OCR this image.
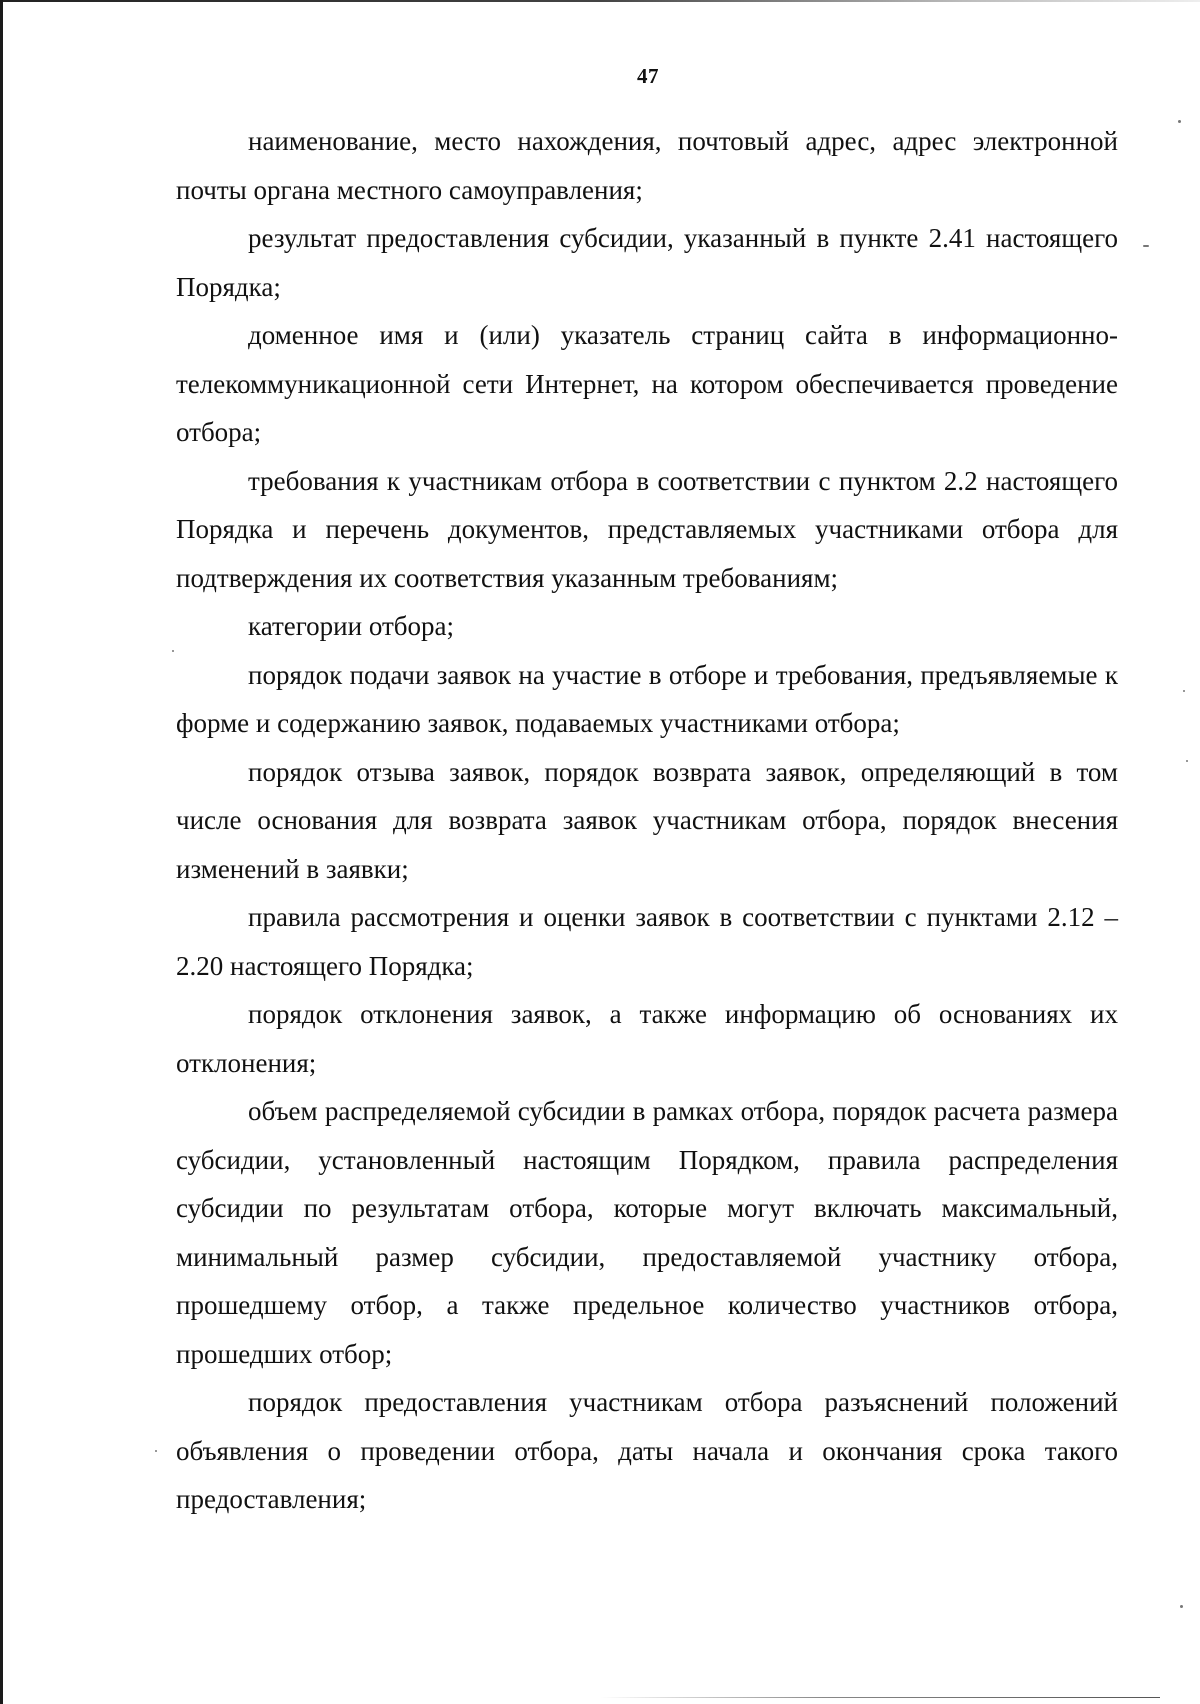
47

наименование, место нахождения, почтовый адрес, адрес электронной почты органа местного самоуправления;

результат предоставления субсидии, указанный в пункте 2.41 настоящего Порядка;

доменное имя и (или) указатель страниц сайта в информационно-телекоммуникационной сети Интернет, на котором обеспечивается проведение отбора;

требования к участникам отбора в соответствии с пунктом 2.2 настоящего Порядка и перечень документов, представляемых участниками отбора для подтверждения их соответствия указанным требованиям;

категории отбора;

порядок подачи заявок на участие в отборе и требования, предъявляемые к форме и содержанию заявок, подаваемых участниками отбора;

порядок отзыва заявок, порядок возврата заявок, определяющий в том числе основания для возврата заявок участникам отбора, порядок внесения изменений в заявки;

правила рассмотрения и оценки заявок в соответствии с пунктами 2.12 – 2.20 настоящего Порядка;

порядок отклонения заявок, а также информацию об основаниях их отклонения;

объем распределяемой субсидии в рамках отбора, порядок расчета размера субсидии, установленный настоящим Порядком, правила распределения субсидии по результатам отбора, которые могут включать максимальный, минимальный размер субсидии, предоставляемой участнику отбора, прошедшему отбор, а также предельное количество участников отбора, прошедших отбор;

порядок предоставления участникам отбора разъяснений положений объявления о проведении отбора, даты начала и окончания срока такого предоставления;
